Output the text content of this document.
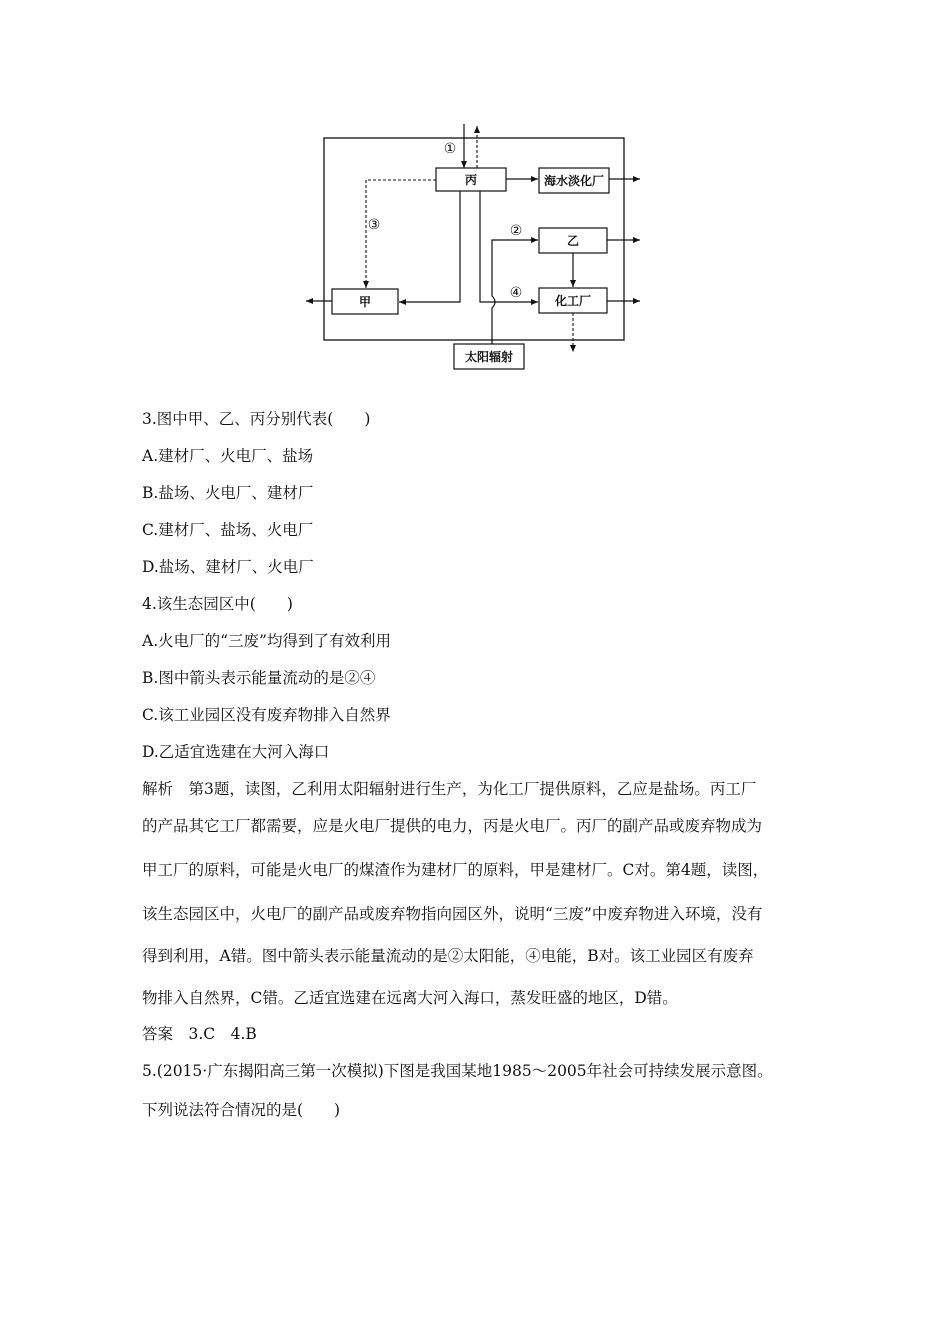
丙	海水淡化厂
乙
甲	化工厂
太阳辐射
①
②
③
④
3.图中甲、乙、丙分别代表(　　)
A.建材厂、火电厂、盐场
B.盐场、火电厂、建材厂
C.建材厂、盐场、火电厂
D.盐场、建材厂、火电厂
4.该生态园区中(　　)
A.火电厂的“三废”均得到了有效利用
B.图中箭头表示能量流动的是②④
C.该工业园区没有废弃物排入自然界
D.乙适宜选建在大河入海口
解析　第3题，读图，乙利用太阳辐射进行生产，为化工厂提供原料，乙应是盐场。丙工厂
的产品其它工厂都需要，应是火电厂提供的电力，丙是火电厂。丙厂的副产品或废弃物成为
甲工厂的原料，可能是火电厂的煤渣作为建材厂的原料，甲是建材厂。C对。第4题，读图，
该生态园区中，火电厂的副产品或废弃物指向园区外，说明“三废”中废弃物进入环境，没有
得到利用，A错。图中箭头表示能量流动的是②太阳能，④电能，B对。该工业园区有废弃
物排入自然界，C错。乙适宜选建在远离大河入海口，蒸发旺盛的地区，D错。
答案　3.C　4.B
5.(2015·广东揭阳高三第一次模拟)下图是我国某地1985～2005年社会可持续发展示意图。
下列说法符合情况的是(　　)
